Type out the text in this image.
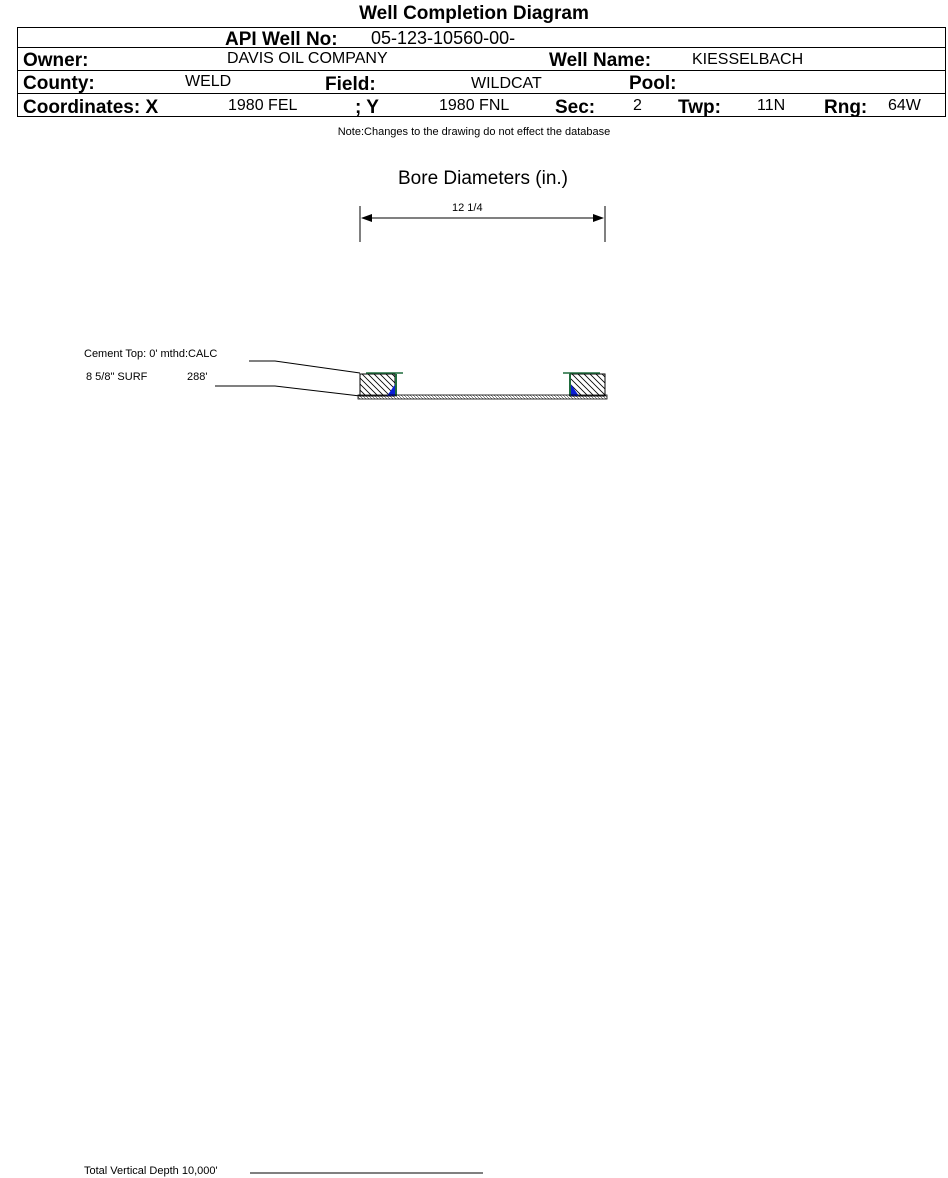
Well Completion Diagram
API Well No: 05-123-10560-00-
Owner:	DAVIS OIL COMPANY	Well Name:	KIESSELBACH
County:	WELD	Field:	WILDCAT	Pool:
Coordinates: X	1980 FEL	; Y	1980 FNL Sec: 2 Twp: 11N Rng: 64W
Note:Changes to the drawing do not effect the database
Bore Diameters (in.)
12 1/4
Cement Top: 0' mthd:CALC
8 5/8" SURF	288'
Total Vertical Depth 10,000'
